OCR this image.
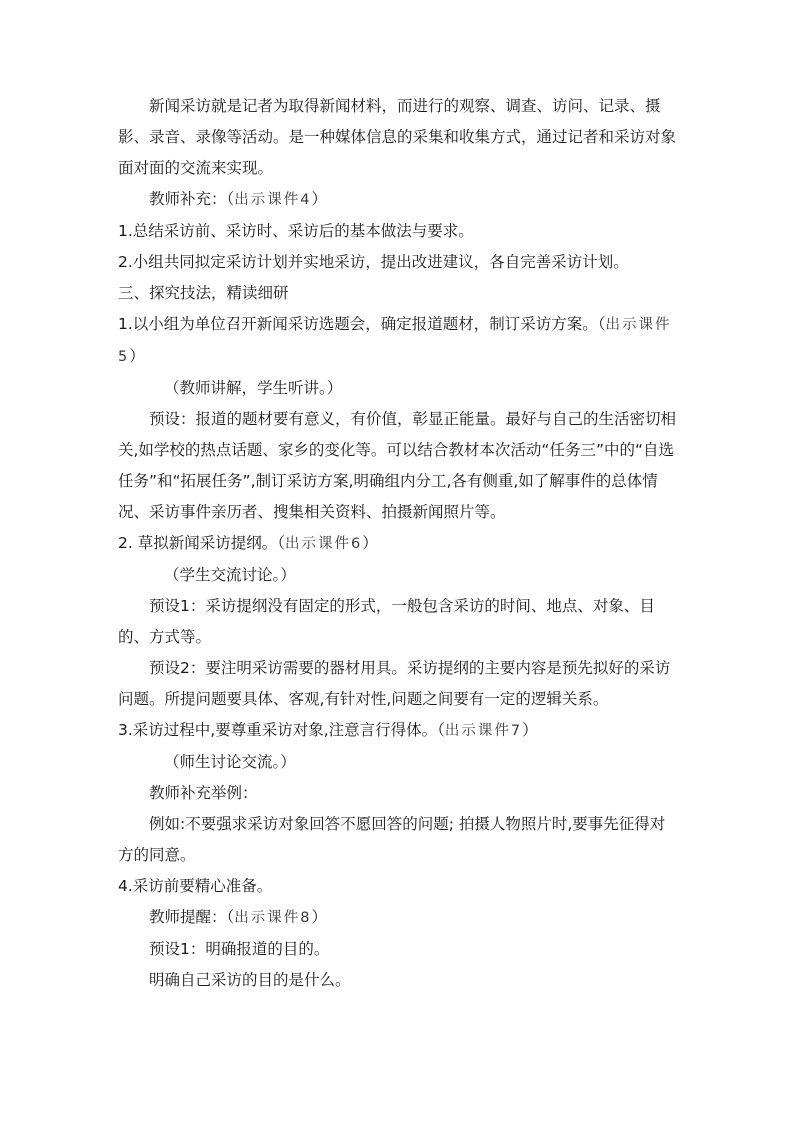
新闻采访就是记者为取得新闻材料，而进行的观察、调查、访问、记录、摄影、录音、录像等活动。是一种媒体信息的采集和收集方式，通过记者和采访对象面对面的交流来实现。

教师补充：（出示课件4）

1.总结采访前、采访时、采访后的基本做法与要求。

2.小组共同拟定采访计划并实地采访，提出改进建议，各自完善采访计划。

三、探究技法，精读细研

1.以小组为单位召开新闻采访选题会，确定报道题材，制订采访方案。（出示课件5）

（教师讲解，学生听讲。）

预设：报道的题材要有意义，有价值，彰显正能量。最好与自己的生活密切相关,如学校的热点话题、家乡的变化等。可以结合教材本次活动“任务三”中的“自选任务”和“拓展任务”,制订采访方案,明确组内分工,各有侧重,如了解事件的总体情况、采访事件亲历者、搜集相关资料、拍摄新闻照片等。

2. 草拟新闻采访提纲。（出示课件6）

（学生交流讨论。）

预设1：采访提纲没有固定的形式，一般包含采访的时间、地点、对象、目的、方式等。

预设2：要注明采访需要的器材用具。采访提纲的主要内容是预先拟好的采访问题。所提问题要具体、客观,有针对性,问题之间要有一定的逻辑关系。

3.采访过程中,要尊重采访对象,注意言行得体。（出示课件7）

（师生讨论交流。）

教师补充举例：

例如:不要强求采访对象回答不愿回答的问题; 拍摄人物照片时,要事先征得对方的同意。

4.采访前要精心准备。

教师提醒：（出示课件8）

预设1：明确报道的目的。

明确自己采访的目的是什么。
